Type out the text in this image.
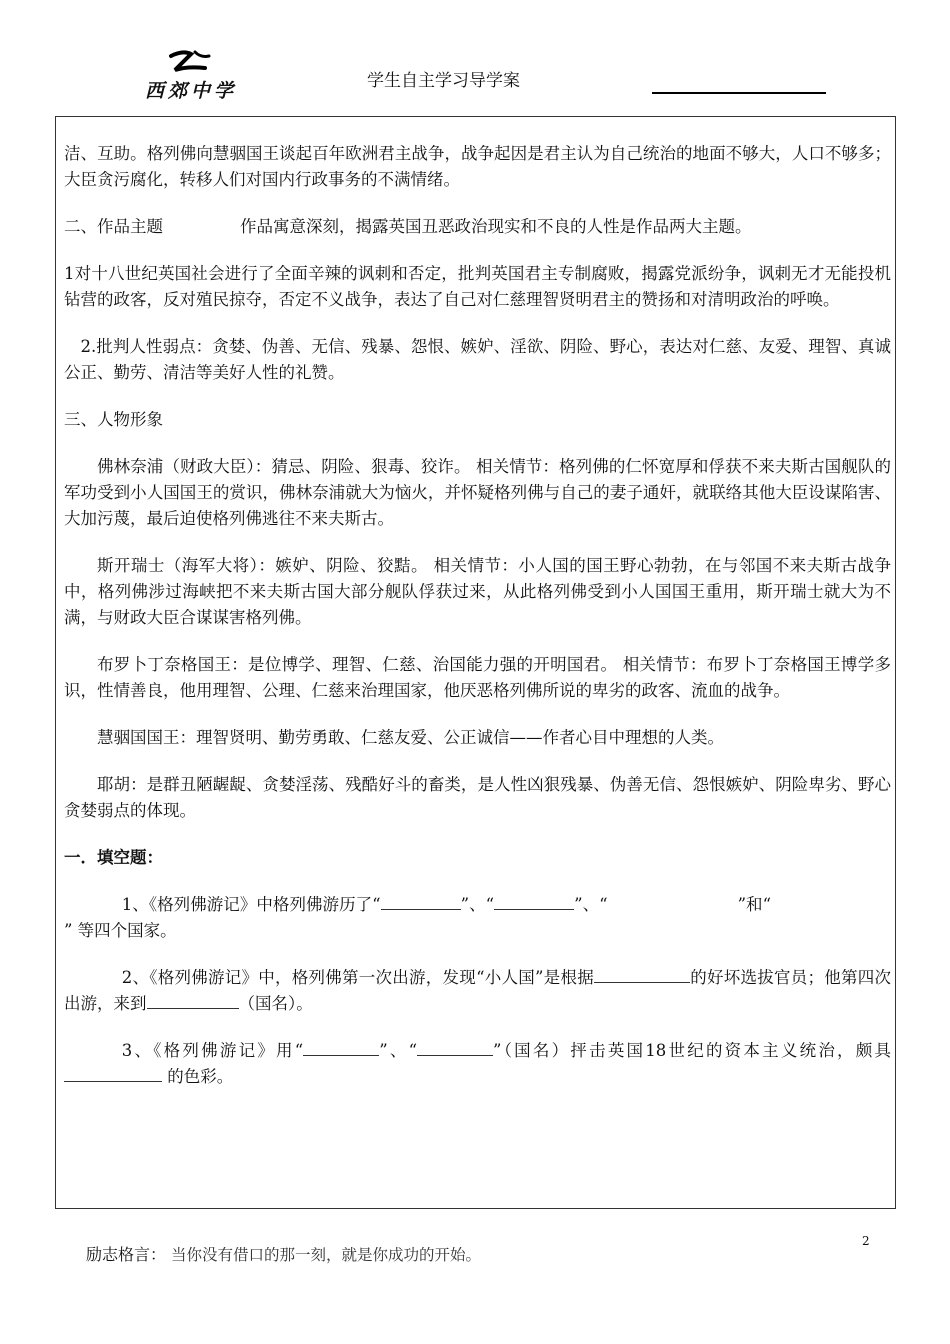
西郊中学	学生自主学习导学案

洁、互助。格列佛向慧骃国王谈起百年欧洲君主战争，战争起因是君主认为自己统治的地面不够大，人口不够多；大臣贪污腐化，转移人们对国内行政事务的不满情绪。

二、作品主题	作品寓意深刻，揭露英国丑恶政治现实和不良的人性是作品两大主题。

1对十八世纪英国社会进行了全面辛辣的讽刺和否定，批判英国君主专制腐败，揭露党派纷争，讽刺无才无能投机钻营的政客，反对殖民掠夺，否定不义战争，表达了自己对仁慈理智贤明君主的赞扬和对清明政治的呼唤。

2.批判人性弱点：贪婪、伪善、无信、残暴、怨恨、嫉妒、淫欲、阴险、野心，表达对仁慈、友爱、理智、真诚公正、勤劳、清洁等美好人性的礼赞。

三、人物形象

佛林奈浦（财政大臣）：猜忌、阴险、狠毒、狡诈。 相关情节：格列佛的仁怀宽厚和俘获不来夫斯古国舰队的军功受到小人国国王的赏识，佛林奈浦就大为恼火，并怀疑格列佛与自己的妻子通奸，就联络其他大臣设谋陷害、大加污蔑，最后迫使格列佛逃往不来夫斯古。

斯开瑞士（海军大将）：嫉妒、阴险、狡黠。 相关情节：小人国的国王野心勃勃，在与邻国不来夫斯古战争中，格列佛涉过海峡把不来夫斯古国大部分舰队俘获过来，从此格列佛受到小人国国王重用，斯开瑞士就大为不满，与财政大臣合谋谋害格列佛。

布罗卜丁奈格国王：是位博学、理智、仁慈、治国能力强的开明国君。 相关情节：布罗卜丁奈格国王博学多识，性情善良，他用理智、公理、仁慈来治理国家，他厌恶格列佛所说的卑劣的政客、流血的战争。

慧骃国国王：理智贤明、勤劳勇敢、仁慈友爱、公正诚信——作者心目中理想的人类。

耶胡：是群丑陋龌龊、贪婪淫荡、残酷好斗的畜类，是人性凶狠残暴、伪善无信、怨恨嫉妒、阴险卑劣、野心贪婪弱点的体现。

一．填空题：

1、《格列佛游记》中格列佛游历了“	”、“	”、“	”和“” 等四个国家。

2、《格列佛游记》中，格列佛第一次出游，发现“小人国”是根据	的好坏选拔官员；他第四次出游，来到	（国名）。

3、《格列佛游记》用“	”、“	”（国名）抨击英国18世纪的资本主义统治，颇具 的色彩。

2
励志格言： 当你没有借口的那一刻，就是你成功的开始。
